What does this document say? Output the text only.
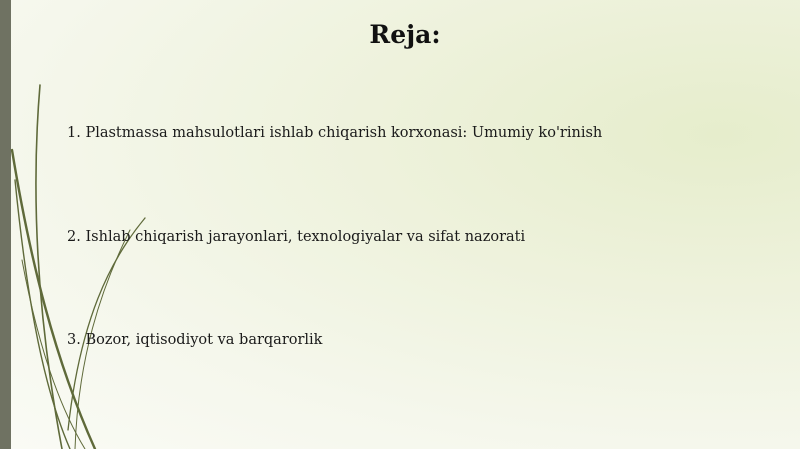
Reja:
1. Plastmassa mahsulotlari ishlab chiqarish korxonasi: Umumiy ko'rinish
2. Ishlab chiqarish jarayonlari, texnologiyalar va sifat nazorati
3. Bozor, iqtisodiyot va barqarorlik
